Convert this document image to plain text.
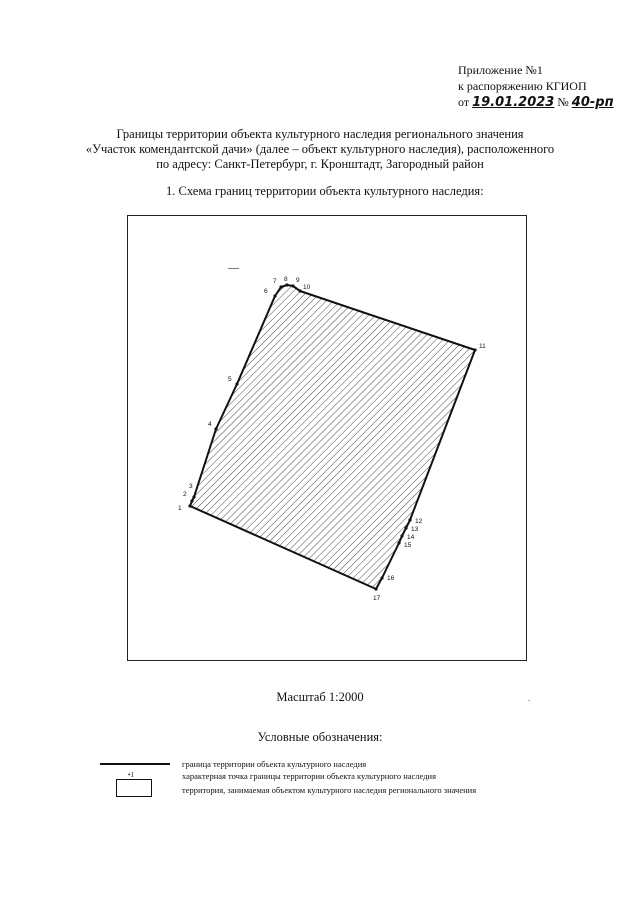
Приложение №1
к распоряжению КГИОП
от 19.01.2023 № 40-рп
Границы территории объекта культурного наследия регионального значения
«Участок комендантской дачи» (далее – объект культурного наследия), расположенного
по адресу: Санкт-Петербург, г. Кронштадт, Загородный район
1. Схема границ территории объекта культурного наследия:
—
1
2
3
4
5
6
7 8 9
10
11
12
13
14
15
16
17
Масштаб 1:2000	.
Условные обозначения:
граница территории объекта культурного наследия
•1	характерная точка границы территории объекта культурного наследия
территория, занимаемая объектом культурного наследия регионального значения
